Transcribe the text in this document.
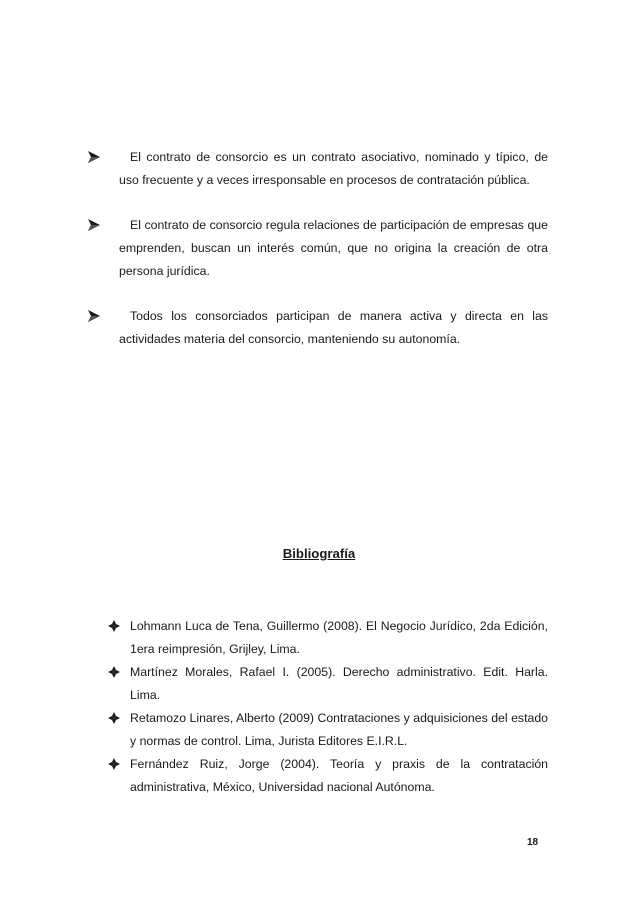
El contrato de consorcio es un contrato asociativo, nominado y típico, de uso frecuente y a veces irresponsable en procesos de contratación pública.
El contrato de consorcio regula relaciones de participación de empresas que emprenden, buscan un interés común, que no origina la creación de otra persona jurídica.
Todos los consorciados participan de manera activa y directa en las actividades materia del consorcio, manteniendo su autonomía.
Bibliografía
Lohmann Luca de Tena, Guillermo (2008). El Negocio Jurídico, 2da Edición, 1era reimpresión, Grijley, Lima.
Martínez Morales, Rafael I. (2005). Derecho administrativo. Edit. Harla. Lima.
Retamozo Linares, Alberto (2009) Contrataciones y adquisiciones del estado y normas de control. Lima, Jurista Editores E.I.R.L.
Fernández Ruiz, Jorge (2004). Teoría y praxis de la contratación administrativa, México, Universidad nacional Autónoma.
18
